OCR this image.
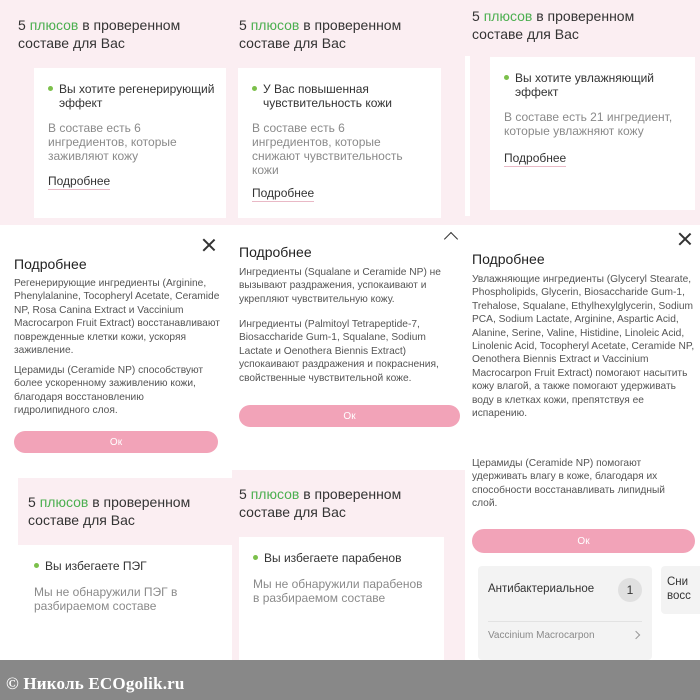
5 плюсов в проверенном составе для Вас
Вы хотите регенерирующий эффект
В составе есть 6 ингредиентов, которые заживляют кожу
Подробнее
5 плюсов в проверенном составе для Вас
У Вас повышенная чувствительность кожи
В составе есть 6 ингредиентов, которые снижают чувствительность кожи
Подробнее
5 плюсов в проверенном составе для Вас
Вы хотите увлажняющий эффект
В составе есть 21 ингредиент, которые увлажняют кожу
Подробнее
Подробнее
Регенерирующие ингредиенты (Arginine, Phenylalanine, Tocopheryl Acetate, Ceramide NP, Rosa Canina Extract и Vaccinium Macrocarpon Fruit Extract) восстанавливают поврежденные клетки кожи, ускоряя заживление.
Церамиды (Ceramide NP) способствуют более ускоренному заживлению кожи, благодаря восстановлению гидролипидного слоя.
Ок
Подробнее
Ингредиенты (Squalane и Ceramide NP) не вызывают раздражения, успокаивают и укрепляют чувствительную кожу.
Ингредиенты (Palmitoyl Tetrapeptide-7, Biosaccharide Gum-1, Squalane, Sodium Lactate и Oenothera Biennis Extract) успокаивают раздражения и покраснения, свойственные чувствительной коже.
Ок
Подробнее
Увлажняющие ингредиенты (Glyceryl Stearate, Phospholipids, Glycerin, Biosaccharide Gum-1, Trehalose, Squalane, Ethylhexylglycerin, Sodium PCA, Sodium Lactate, Arginine, Aspartic Acid, Alanine, Serine, Valine, Histidine, Linoleic Acid, Linolenic Acid, Tocopheryl Acetate, Ceramide NP, Oenothera Biennis Extract и Vaccinium Macrocarpon Fruit Extract) помогают насытить кожу влагой, а также помогают удерживать воду в клетках кожи, препятствуя ее испарению.
Церамиды (Ceramide NP) помогают удерживать влагу в коже, благодаря их способности восстанавливать липидный слой.
Ок
Антибактериальное	1
Vaccinium Macrocarpon
Сни
восс
5 плюсов в проверенном составе для Вас
Вы избегаете ПЭГ
Мы не обнаружили ПЭГ в разбираемом составе
5 плюсов в проверенном составе для Вас
Вы избегаете парабенов
Мы не обнаружили парабенов в разбираемом составе
© Николь ECOgolik.ru
